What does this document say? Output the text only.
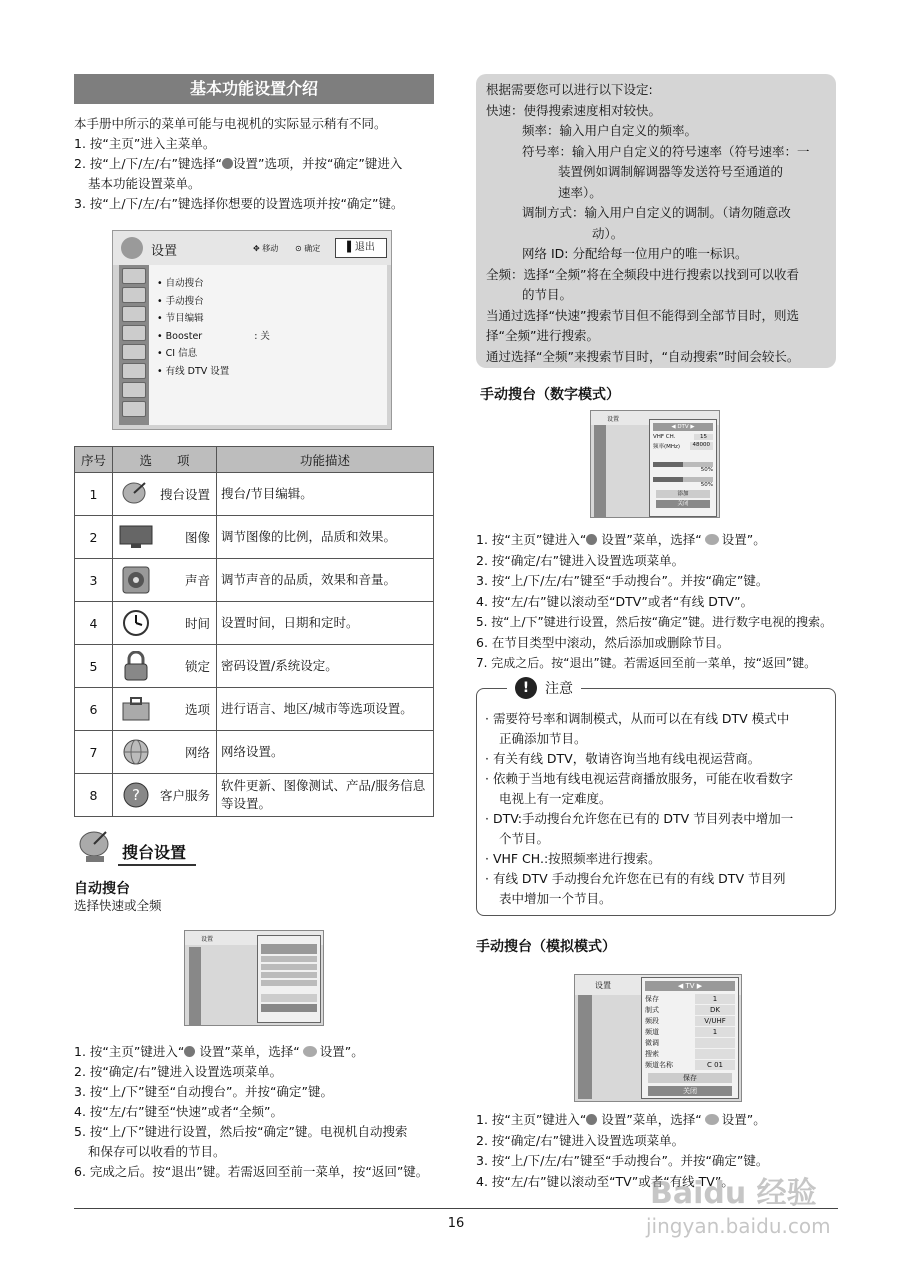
基本功能设置介绍
本手册中所示的菜单可能与电视机的实际显示稍有不同。
1. 按“主页”进入主菜单。
2. 按“上/下/左/右”键选择“ 设置”选项，并按“确定”键进入
基本功能设置菜单。
3. 按“上/下/左/右”键选择你想要的设置选项并按“确定”键。
设置	✥ 移动 ⊙ 确定	▌退出
• 自动搜台
• 手动搜台
• 节目编辑
• Booster	: 关
• CI 信息
• 有线 DTV 设置
序号	选　　项	功能描述
1	搜台设置	搜台/节目编辑。
2	图像	调节图像的比例，品质和效果。
3	声音	调节声音的品质，效果和音量。
4	时间	设置时间，日期和定时。
5	锁定	密码设置/系统设定。
6	选项	进行语言、地区/城市等选项设置。
7	网络	网络设置。
8	? 客户服务	软件更新、图像测试、产品/服务信息等设置。
搜台设置
自动搜台
选择快速或全频
设置
1. 按“主页”键进入“ 设置”菜单，选择“ 设置”。
2. 按“确定/右”键进入设置选项菜单。
3. 按“上/下”键至“自动搜台”。并按“确定”键。
4. 按“左/右”键至“快速”或者“全频”。
5. 按“上/下”键进行设置，然后按“确定”键。电视机自动搜索
和保存可以收看的节目。
6. 完成之后。按“退出”键。若需返回至前一菜单，按“返回”键。
根据需要您可以进行以下设定:
快速：使得搜索速度相对较快。
频率：输入用户自定义的频率。
符号率：输入用户自定义的符号速率（符号速率：一
装置例如调制解调器等发送符号至通道的
速率）。
调制方式：输入用户自定义的调制。（请勿随意改
动）。
网络 ID: 分配给每一位用户的唯一标识。
全频：选择“全频”将在全频段中进行搜索以找到可以收看
的节目。
当通过选择“快速”搜索节目但不能得到全部节目时，则选
择“全频”进行搜索。
通过选择“全频”来搜索节目时，“自动搜索”时间会较长。
手动搜台（数字模式）
设置
◀ DTV ▶
VHF CH.	15
频率(MHz)	48000
50%
50%
添加
关闭
1. 按“主页”键进入“ 设置”菜单，选择“ 设置”。
2. 按“确定/右”键进入设置选项菜单。
3. 按“上/下/左/右”键至“手动搜台”。并按“确定”键。
4. 按“左/右”键以滚动至“DTV”或者“有线 DTV”。
5. 按“上/下”键进行设置，然后按“确定”键。进行数字电视的搜索。
6. 在节目类型中滚动，然后添加或删除节目。
7. 完成之后。按“退出”键。若需返回至前一菜单，按“返回”键。
!	注意
· 需要符号率和调制模式，从而可以在有线 DTV 模式中
正确添加节目。
· 有关有线 DTV，敬请咨询当地有线电视运营商。
· 依赖于当地有线电视运营商播放服务，可能在收看数字
电视上有一定难度。
· DTV:手动搜台允许您在已有的 DTV 节目列表中增加一
个节目。
· VHF CH.:按照频率进行搜索。
· 有线 DTV 手动搜台允许您在已有的有线 DTV 节目列
表中增加一个节目。
手动搜台（模拟模式）
设置	◀ TV ▶
保存	1
制式	DK
频段	V/UHF
频道	1
微调
搜索
频道名称	C 01
保存
关闭
1. 按“主页”键进入“ 设置”菜单，选择“ 设置”。
2. 按“确定/右”键进入设置选项菜单。
3. 按“上/下/左/右”键至“手动搜台”。并按“确定”键。
4. 按“左/右”键以滚动至“TV”或者“有线 TV”。
16
Baidu 经验
jingyan.baidu.com
